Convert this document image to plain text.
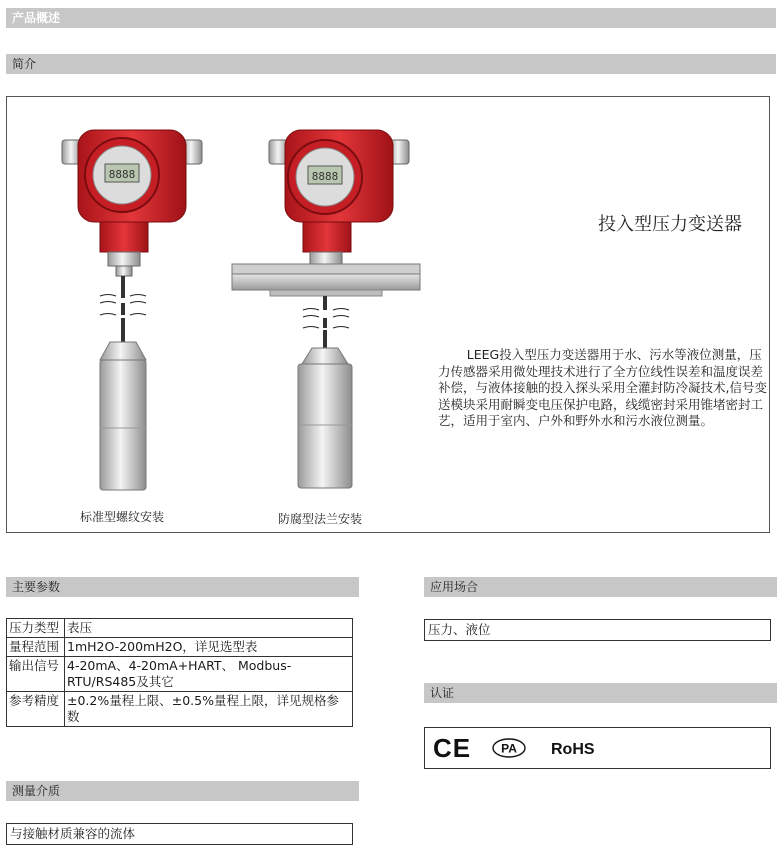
产品概述
简介
8888	8888
标准型螺纹安装	防腐型法兰安装
投入型压力变送器
LEEG投入型压力变送器用于水、污水等液位测量，压力传感器采用微处理技术进行了全方位线性误差和温度误差补偿，与液体接触的投入探头采用全灌封防冷凝技术,信号变送模块采用耐瞬变电压保护电路，线缆密封采用锥堵密封工艺，适用于室内、户外和野外水和污水液位测量。
主要参数
压力类型	表压
量程范围	1mH2O-200mH2O，详见选型表
输出信号	4-20mA、4-20mA+HART、 Modbus-RTU/RS485及其它
参考精度	±0.2%量程上限、±0.5%量程上限，详见规格参数
测量介质
与接触材质兼容的流体
应用场合
压力、液位
认证
CE PA RoHS
